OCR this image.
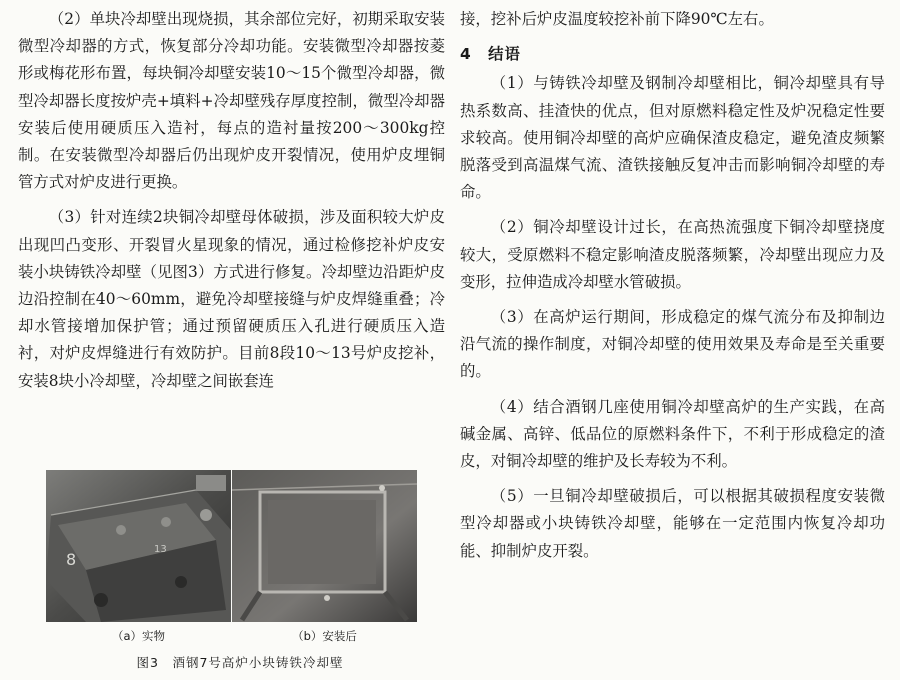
（2）单块冷却壁出现烧损，其余部位完好，初期采取安装微型冷却器的方式，恢复部分冷却功能。安装微型冷却器按菱形或梅花形布置，每块铜冷却壁安装10～15个微型冷却器，微型冷却器长度按炉壳+填料+冷却壁残存厚度控制，微型冷却器安装后使用硬质压入造衬，每点的造衬量按200～300kg控制。在安装微型冷却器后仍出现炉皮开裂情况，使用炉皮埋铜管方式对炉皮进行更换。

（3）针对连续2块铜冷却壁母体破损，涉及面积较大炉皮出现凹凸变形、开裂冒火星现象的情况，通过检修挖补炉皮安装小块铸铁冷却壁（见图3）方式进行修复。冷却壁边沿距炉皮边沿控制在40～60mm，避免冷却壁接缝与炉皮焊缝重叠；冷却水管接增加保护管；通过预留硬质压入孔进行硬质压入造衬，对炉皮焊缝进行有效防护。目前8段10～13号炉皮挖补，安装8块小冷却壁，冷却壁之间嵌套连

接，挖补后炉皮温度较挖补前下降90℃左右。

4　结语

（1）与铸铁冷却壁及钢制冷却壁相比，铜冷却壁具有导热系数高、挂渣快的优点，但对原燃料稳定性及炉况稳定性要求较高。使用铜冷却壁的高炉应确保渣皮稳定，避免渣皮频繁脱落受到高温煤气流、渣铁接触反复冲击而影响铜冷却壁的寿命。

（2）铜冷却壁设计过长，在高热流强度下铜冷却壁挠度较大，受原燃料不稳定影响渣皮脱落频繁，冷却壁出现应力及变形，拉伸造成冷却壁水管破损。

（3）在高炉运行期间，形成稳定的煤气流分布及抑制边沿气流的操作制度，对铜冷却壁的使用效果及寿命是至关重要的。

（4）结合酒钢几座使用铜冷却壁高炉的生产实践，在高碱金属、高锌、低品位的原燃料条件下，不利于形成稳定的渣皮，对铜冷却壁的维护及长寿较为不利。

（5）一旦铜冷却壁破损后，可以根据其破损程度安装微型冷却器或小块铸铁冷却壁，能够在一定范围内恢复冷却功能、抑制炉皮开裂。

8
13
（a）实物	（b）安装后
图3　酒钢7号高炉小块铸铁冷却壁
